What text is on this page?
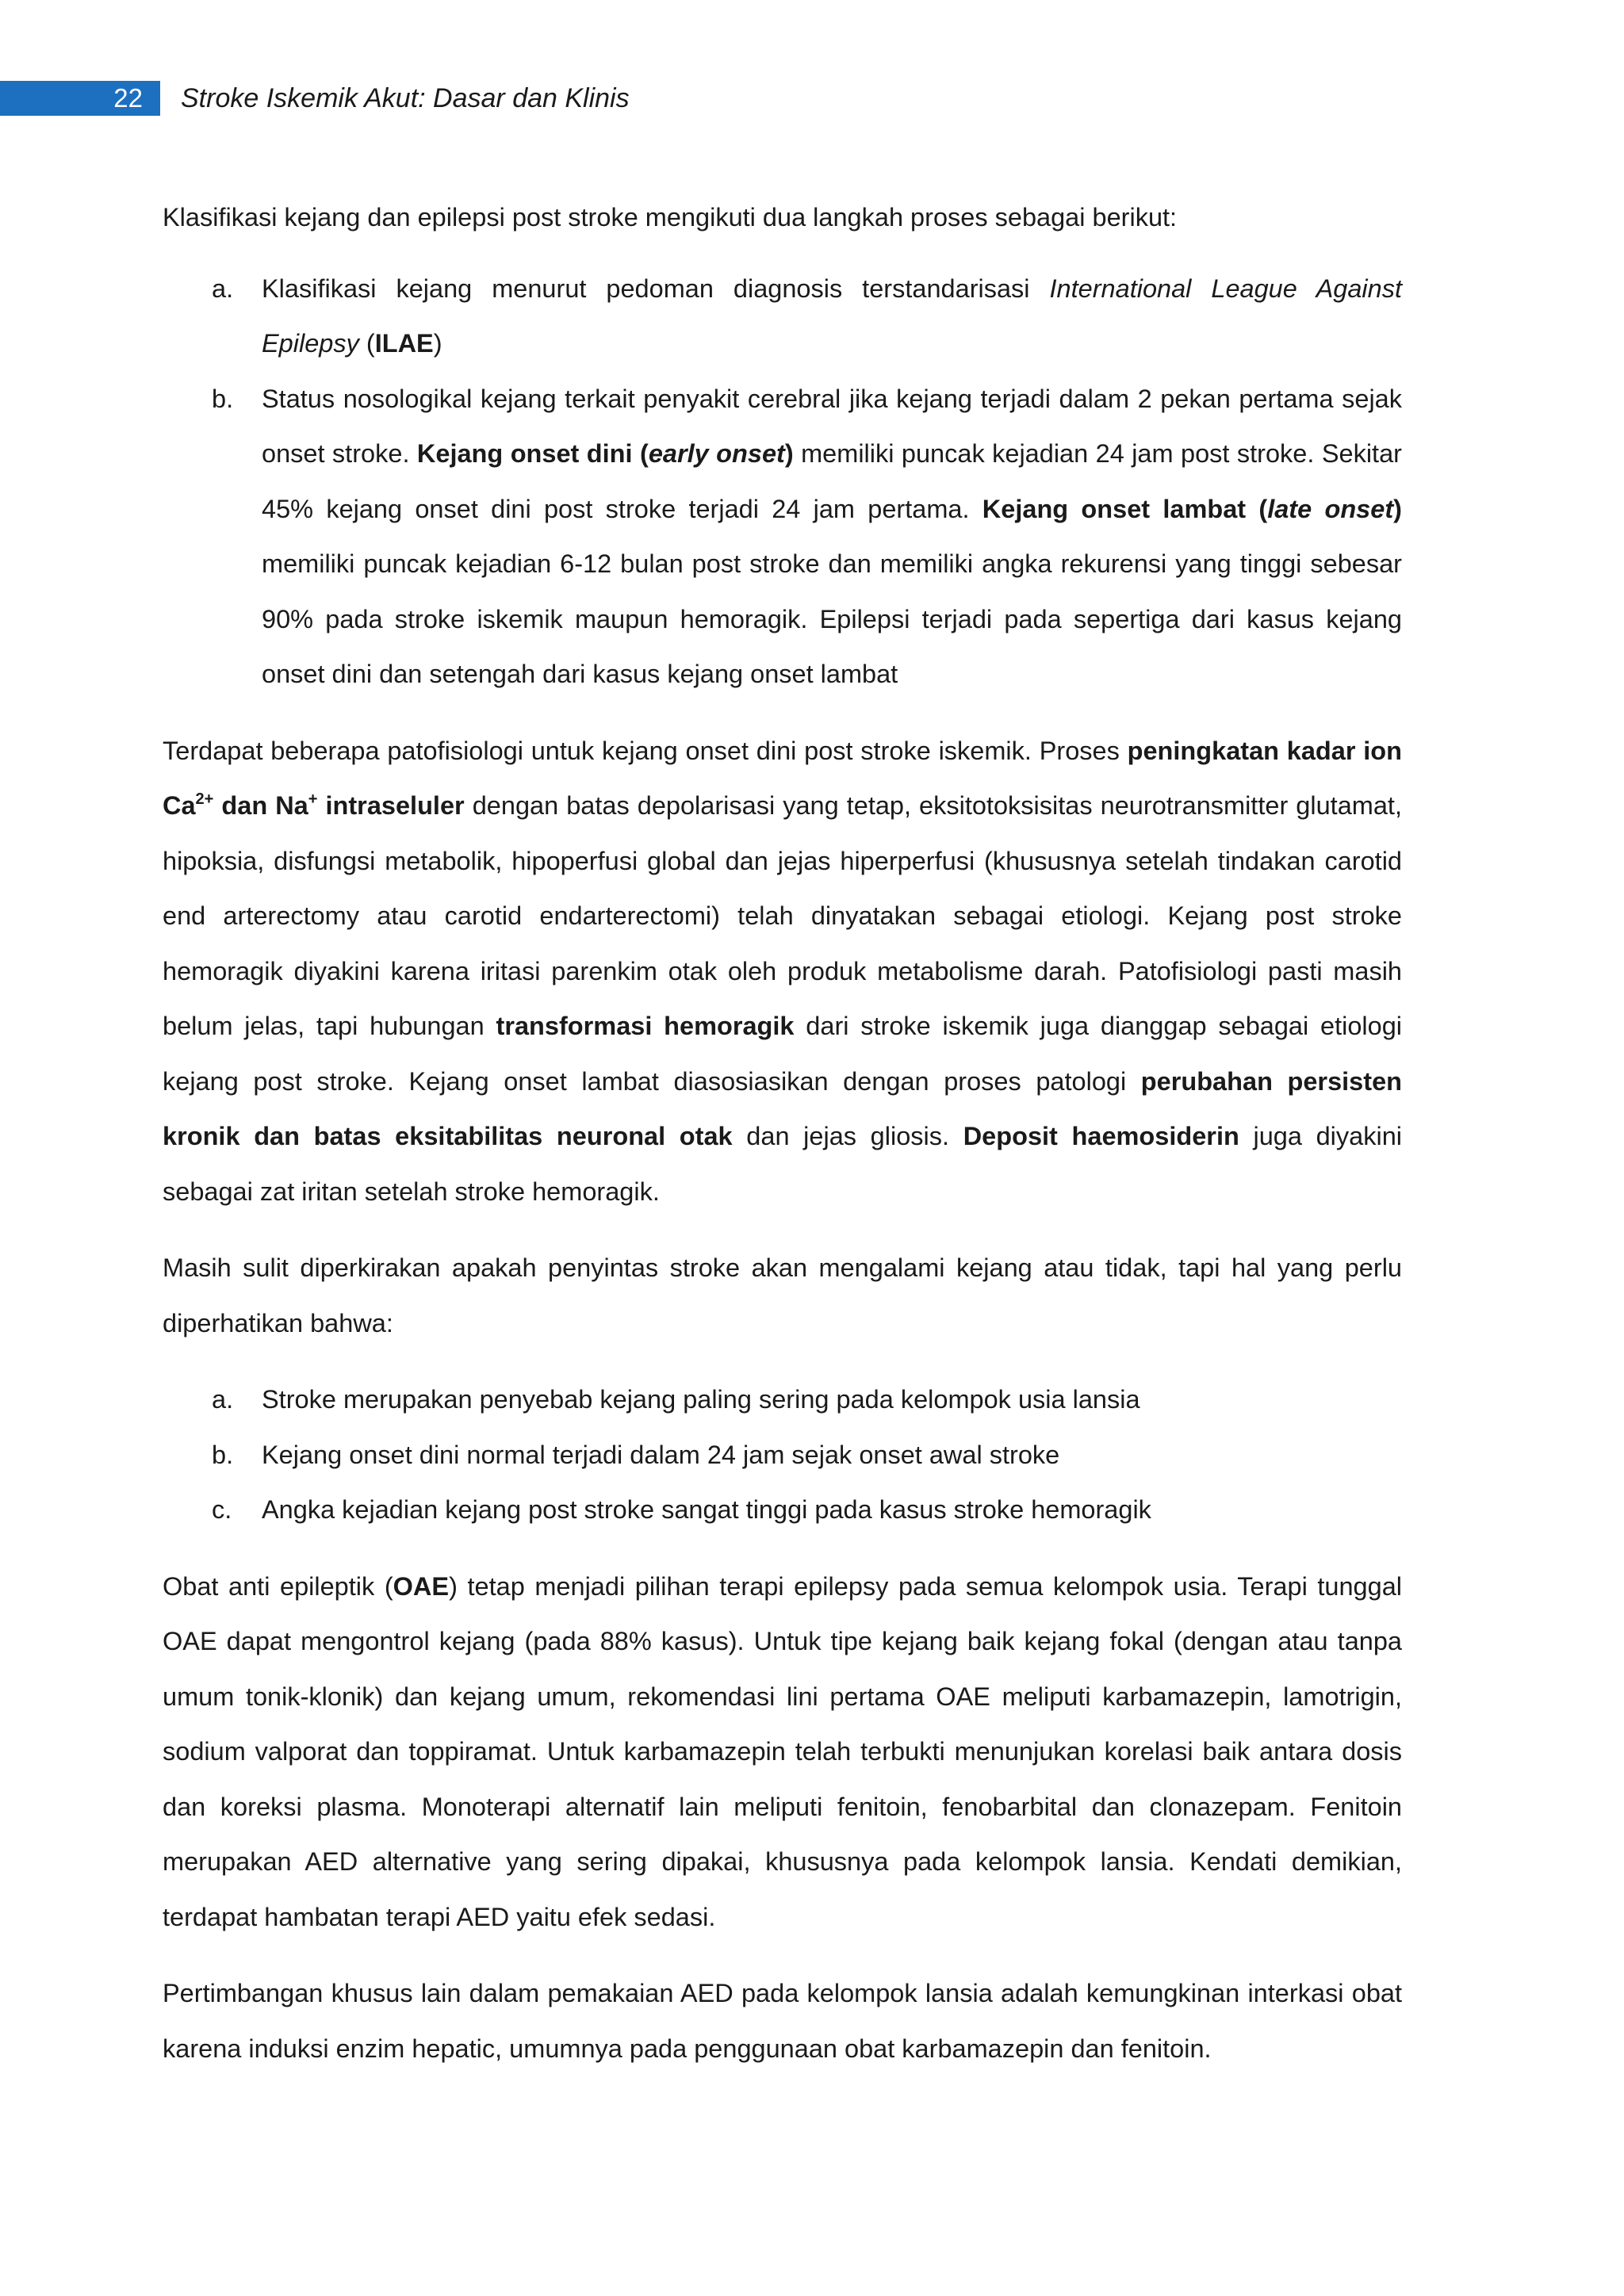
22 Stroke Iskemik Akut: Dasar dan Klinis

Klasifikasi kejang dan epilepsi post stroke mengikuti dua langkah proses sebagai berikut:

a. Klasifikasi kejang menurut pedoman diagnosis terstandarisasi International League Against Epilepsy (ILAE)
b. Status nosologikal kejang terkait penyakit cerebral jika kejang terjadi dalam 2 pekan pertama sejak onset stroke. Kejang onset dini (early onset) memiliki puncak kejadian 24 jam post stroke. Sekitar 45% kejang onset dini post stroke terjadi 24 jam pertama. Kejang onset lambat (late onset) memiliki puncak kejadian 6-12 bulan post stroke dan memiliki angka rekurensi yang tinggi sebesar 90% pada stroke iskemik maupun hemoragik. Epilepsi terjadi pada sepertiga dari kasus kejang onset dini dan setengah dari kasus kejang onset lambat

Terdapat beberapa patofisiologi untuk kejang onset dini post stroke iskemik. Proses peningkatan kadar ion $Ca^{2+}$ dan Na+ intraseluler dengan batas depolarisasi yang tetap, eksitotoksisitas neurotransmitter glutamat, hipoksia, disfungsi metabolik, hipoperfusi global dan jejas hiperperfusi (khususnya setelah tindakan carotid end arterectomy atau carotid endarterectomi) telah dinyatakan sebagai etiologi. Kejang post stroke hemoragik diyakini karena iritasi parenkim otak oleh produk metabolisme darah. Patofisiologi pasti masih belum jelas, tapi hubungan transformasi hemoragik dari stroke iskemik juga dianggap sebagai etiologi kejang post stroke. Kejang onset lambat diasosiasikan dengan proses patologi perubahan persisten kronik dan batas eksitabilitas neuronal otak dan jejas gliosis. Deposit haemosiderin juga diyakini sebagai zat iritan setelah stroke hemoragik.

Masih sulit diperkirakan apakah penyintas stroke akan mengalami kejang atau tidak, tapi hal yang perlu diperhatikan bahwa:

a. Stroke merupakan penyebab kejang paling sering pada kelompok usia lansia
b. Kejang onset dini normal terjadi dalam 24 jam sejak onset awal stroke
c. Angka kejadian kejang post stroke sangat tinggi pada kasus stroke hemoragik

Obat anti epileptik (OAE) tetap menjadi pilihan terapi epilepsy pada semua kelompok usia. Terapi tunggal OAE dapat mengontrol kejang (pada 88% kasus). Untuk tipe kejang baik kejang fokal (dengan atau tanpa umum tonik-klonik) dan kejang umum, rekomendasi lini pertama OAE meliputi karbamazepin, lamotrigin, sodium valporat dan toppiramat. Untuk karbamazepin telah terbukti menunjukan korelasi baik antara dosis dan koreksi plasma. Monoterapi alternatif lain meliputi fenitoin, fenobarbital dan clonazepam. Fenitoin merupakan AED alternative yang sering dipakai, khususnya pada kelompok lansia. Kendati demikian, terdapat hambatan terapi AED yaitu efek sedasi.

Pertimbangan khusus lain dalam pemakaian AED pada kelompok lansia adalah kemungkinan interkasi obat karena induksi enzim hepatic, umumnya pada penggunaan obat karbamazepin dan fenitoin.
